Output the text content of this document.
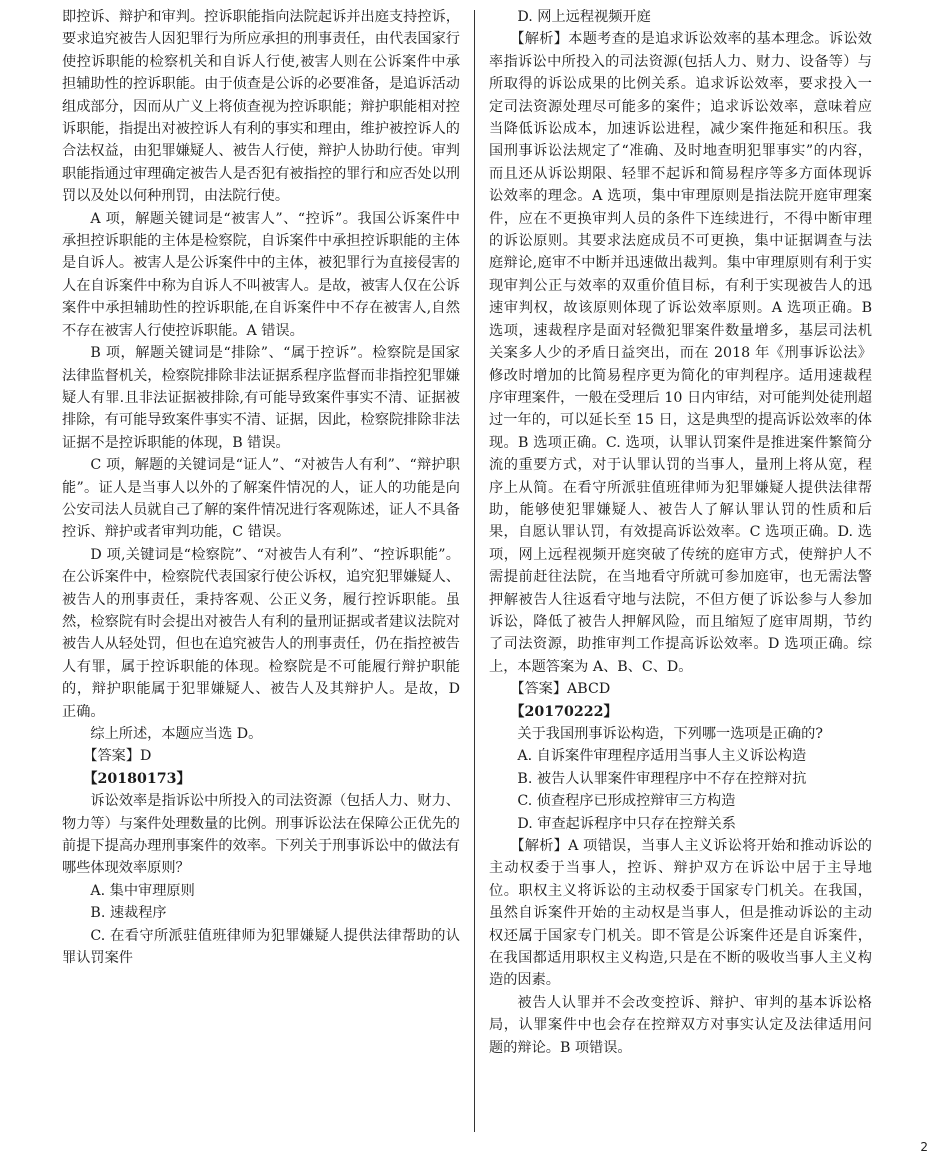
即控诉、辩护和审判。控诉职能指向法院起诉并出庭支持控诉，要求追究被告人因犯罪行为所应承担的刑事责任，由代表国家行使控诉职能的检察机关和自诉人行使,被害人则在公诉案件中承担辅助性的控诉职能。由于侦查是公诉的必要准备，是追诉活动组成部分，因而从广义上将侦查视为控诉职能；辩护职能相对控诉职能，指提出对被控诉人有利的事实和理由，维护被控诉人的合法权益，由犯罪嫌疑人、被告人行使，辩护人协助行使。审判职能指通过审理确定被告人是否犯有被指控的罪行和应否处以刑罚以及处以何种刑罚，由法院行使。

A 项，解题关键词是“被害人”、“控诉”。我国公诉案件中承担控诉职能的主体是检察院，自诉案件中承担控诉职能的主体是自诉人。被害人是公诉案件中的主体，被犯罪行为直接侵害的人在自诉案件中称为自诉人不叫被害人。是故，被害人仅在公诉案件中承担辅助性的控诉职能,在自诉案件中不存在被害人,自然不存在被害人行使控诉职能。A 错误。

B 项，解题关键词是“排除”、“属于控诉”。检察院是国家法律监督机关，检察院排除非法证据系程序监督而非指控犯罪嫌疑人有罪.且非法证据被排除,有可能导致案件事实不清、证据被排除，有可能导致案件事实不清、证据，因此，检察院排除非法证据不是控诉职能的体现，B 错误。

C 项，解题的关键词是“证人”、“对被告人有利”、“辩护职能”。证人是当事人以外的了解案件情况的人，证人的功能是向公安司法人员就自己了解的案件情况进行客观陈述，证人不具备控诉、辩护或者审判功能，C 错误。

D 项,关键词是“检察院”、“对被告人有利”、“控诉职能”。在公诉案件中，检察院代表国家行使公诉权，追究犯罪嫌疑人、被告人的刑事责任，秉持客观、公正义务，履行控诉职能。虽然，检察院有时会提出对被告人有利的量刑证据或者建议法院对被告人从轻处罚，但也在追究被告人的刑事责任，仍在指控被告人有罪，属于控诉职能的体现。检察院是不可能履行辩护职能的，辩护职能属于犯罪嫌疑人、被告人及其辩护人。是故，D 正确。

综上所述，本题应当选 D。

【答案】D

【20180173】

诉讼效率是指诉讼中所投入的司法资源（包括人力、财力、物力等）与案件处理数量的比例。刑事诉讼法在保障公正优先的前提下提高办理刑事案件的效率。下列关于刑事诉讼中的做法有哪些体现效率原则？

A. 集中审理原则

B. 速裁程序

C. 在看守所派驻值班律师为犯罪嫌疑人提供法律帮助的认罪认罚案件

D. 网上远程视频开庭

【解析】本题考查的是追求诉讼效率的基本理念。诉讼效率指诉讼中所投入的司法资源(包括人力、财力、设备等）与所取得的诉讼成果的比例关系。追求诉讼效率，要求投入一定司法资源处理尽可能多的案件；追求诉讼效率，意味着应当降低诉讼成本，加速诉讼进程，减少案件拖延和积压。我国刑事诉讼法规定了“准确、及时地查明犯罪事实”的内容，而且还从诉讼期限、轻罪不起诉和简易程序等多方面体现诉讼效率的理念。A 选项，集中审理原则是指法院开庭审理案件，应在不更换审判人员的条件下连续进行，不得中断审理的诉讼原则。其要求法庭成员不可更换，集中证据调查与法庭辩论,庭审不中断并迅速做出裁判。集中审理原则有利于实现审判公正与效率的双重价值目标，有利于实现被告人的迅速审判权，故该原则体现了诉讼效率原则。A 选项正确。B 选项，速裁程序是面对轻微犯罪案件数量增多，基层司法机关案多人少的矛盾日益突出，而在 2018 年《刑事诉讼法》修改时增加的比简易程序更为简化的审判程序。适用速裁程序审理案件，一般在受理后 10 日内审结，对可能判处徒刑超过一年的，可以延长至 15 日，这是典型的提高诉讼效率的体现。B 选项正确。C. 选项，认罪认罚案件是推进案件繁简分流的重要方式，对于认罪认罚的当事人，量刑上将从宽，程序上从简。在看守所派驻值班律师为犯罪嫌疑人提供法律帮助，能够使犯罪嫌疑人、被告人了解认罪认罚的性质和后果，自愿认罪认罚，有效提高诉讼效率。C 选项正确。D. 选项，网上远程视频开庭突破了传统的庭审方式，使辩护人不需提前赶往法院，在当地看守所就可参加庭审，也无需法警押解被告人往返看守地与法院，不但方便了诉讼参与人参加诉讼，降低了被告人押解风险，而且缩短了庭审周期，节约了司法资源，助推审判工作提高诉讼效率。D 选项正确。综上，本题答案为 A、B、C、D。

【答案】ABCD

【20170222】

关于我国刑事诉讼构造，下列哪一选项是正确的?

A. 自诉案件审理程序适用当事人主义诉讼构造

B. 被告人认罪案件审理程序中不存在控辩对抗

C. 侦查程序已形成控辩审三方构造

D. 审查起诉程序中只存在控辩关系

【解析】A 项错误，当事人主义诉讼将开始和推动诉讼的主动权委于当事人，控诉、辩护双方在诉讼中居于主导地位。职权主义将诉讼的主动权委于国家专门机关。在我国，虽然自诉案件开始的主动权是当事人，但是推动诉讼的主动权还属于国家专门机关。即不管是公诉案件还是自诉案件，在我国都适用职权主义构造,只是在不断的吸收当事人主义构造的因素。

被告人认罪并不会改变控诉、辩护、审判的基本诉讼格局，认罪案件中也会存在控辩双方对事实认定及法律适用问题的辩论。B 项错误。

2
